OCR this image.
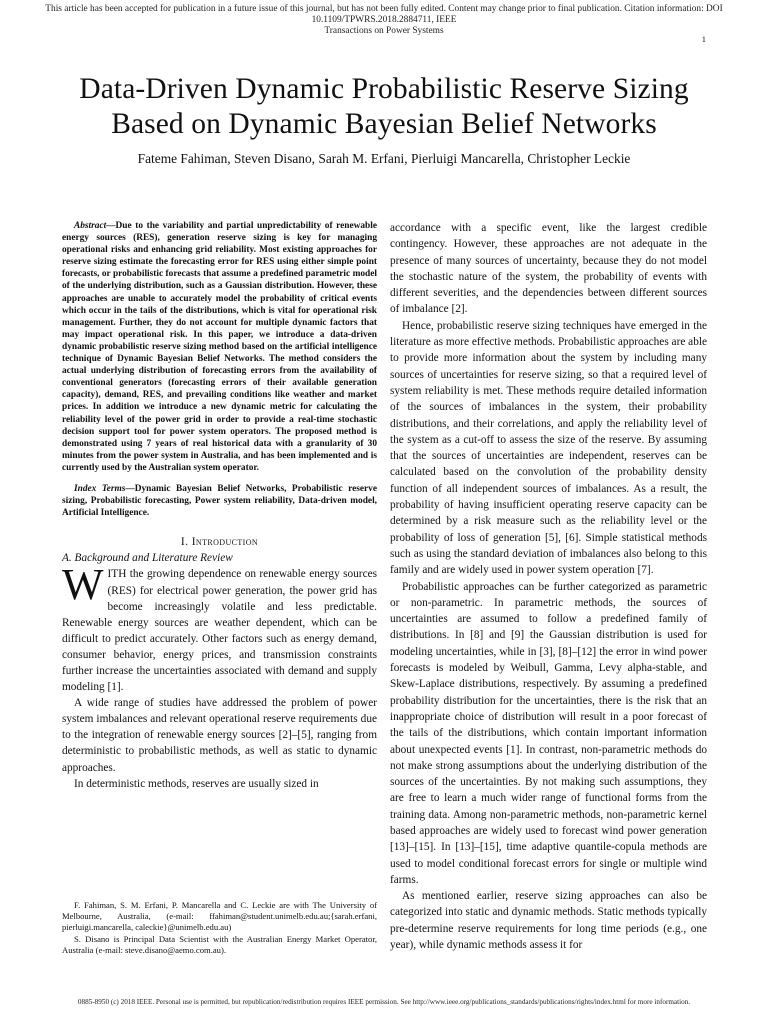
This article has been accepted for publication in a future issue of this journal, but has not been fully edited. Content may change prior to final publication. Citation information: DOI 10.1109/TPWRS.2018.2884711, IEEE
Transactions on Power Systems
1
Data-Driven Dynamic Probabilistic Reserve Sizing
Based on Dynamic Bayesian Belief Networks
Fateme Fahiman, Steven Disano, Sarah M. Erfani, Pierluigi Mancarella, Christopher Leckie

Abstract—Due to the variability and partial unpredictability of renewable energy sources (RES), generation reserve sizing is key for managing operational risks and enhancing grid reliability. Most existing approaches for reserve sizing estimate the forecasting error for RES using either simple point forecasts, or probabilistic forecasts that assume a predefined parametric model of the underlying distribution, such as a Gaussian distribution. However, these approaches are unable to accurately model the probability of critical events which occur in the tails of the distributions, which is vital for operational risk management. Further, they do not account for multiple dynamic factors that may impact operational risk. In this paper, we introduce a data-driven dynamic probabilistic reserve sizing method based on the artificial intelligence technique of Dynamic Bayesian Belief Networks. The method considers the actual underlying distribution of forecasting errors from the availability of conventional generators (forecasting errors of their available generation capacity), demand, RES, and prevailing conditions like weather and market prices. In addition we introduce a new dynamic metric for calculating the reliability level of the power grid in order to provide a real-time stochastic decision support tool for power system operators. The proposed method is demonstrated using 7 years of real historical data with a granularity of 30 minutes from the power system in Australia, and has been implemented and is currently used by the Australian system operator.

Index Terms—Dynamic Bayesian Belief Networks, Probabilistic reserve sizing, Probabilistic forecasting, Power system reliability, Data-driven model, Artificial Intelligence.

I. Introduction
A. Background and Literature Review

WITH the growing dependence on renewable energy sources (RES) for electrical power generation, the power grid has become increasingly volatile and less predictable. Renewable energy sources are weather dependent, which can be difficult to predict accurately. Other factors such as energy demand, consumer behavior, energy prices, and transmission constraints further increase the uncertainties associated with demand and supply modeling [1].

A wide range of studies have addressed the problem of power system imbalances and relevant operational reserve requirements due to the integration of renewable energy sources [2]–[5], ranging from deterministic to probabilistic methods, as well as static to dynamic approaches.

In deterministic methods, reserves are usually sized in

F. Fahiman, S. M. Erfani, P. Mancarella and C. Leckie are with The University of Melbourne, Australia, (e-mail: ffahiman@student.unimelb.edu.au;{sarah.erfani, pierluigi.mancarella, caleckie}@unimelb.edu.au)

S. Disano is Principal Data Scientist with the Australian Energy Market Operator, Australia (e-mail: steve.disano@aemo.com.au).

accordance with a specific event, like the largest credible contingency. However, these approaches are not adequate in the presence of many sources of uncertainty, because they do not model the stochastic nature of the system, the probability of events with different severities, and the dependencies between different sources of imbalance [2].

Hence, probabilistic reserve sizing techniques have emerged in the literature as more effective methods. Probabilistic approaches are able to provide more information about the system by including many sources of uncertainties for reserve sizing, so that a required level of system reliability is met. These methods require detailed information of the sources of imbalances in the system, their probability distributions, and their correlations, and apply the reliability level of the system as a cut-off to assess the size of the reserve. By assuming that the sources of uncertainties are independent, reserves can be calculated based on the convolution of the probability density function of all independent sources of imbalances. As a result, the probability of having insufficient operating reserve capacity can be determined by a risk measure such as the reliability level or the probability of loss of generation [5], [6]. Simple statistical methods such as using the standard deviation of imbalances also belong to this family and are widely used in power system operation [7].

Probabilistic approaches can be further categorized as parametric or non-parametric. In parametric methods, the sources of uncertainties are assumed to follow a predefined family of distributions. In [8] and [9] the Gaussian distribution is used for modeling uncertainties, while in [3], [8]–[12] the error in wind power forecasts is modeled by Weibull, Gamma, Levy alpha-stable, and Skew-Laplace distributions, respectively. By assuming a predefined probability distribution for the uncertainties, there is the risk that an inappropriate choice of distribution will result in a poor forecast of the tails of the distributions, which contain important information about unexpected events [1]. In contrast, non-parametric methods do not make strong assumptions about the underlying distribution of the sources of the uncertainties. By not making such assumptions, they are free to learn a much wider range of functional forms from the training data. Among non-parametric methods, non-parametric kernel based approaches are widely used to forecast wind power generation [13]–[15]. In [13]–[15], time adaptive quantile-copula methods are used to model conditional forecast errors for single or multiple wind farms.

As mentioned earlier, reserve sizing approaches can also be categorized into static and dynamic methods. Static methods typically pre-determine reserve requirements for long time periods (e.g., one year), while dynamic methods assess it for

0885-8950 (c) 2018 IEEE. Personal use is permitted, but republication/redistribution requires IEEE permission. See http://www.ieee.org/publications_standards/publications/rights/index.html for more information.
